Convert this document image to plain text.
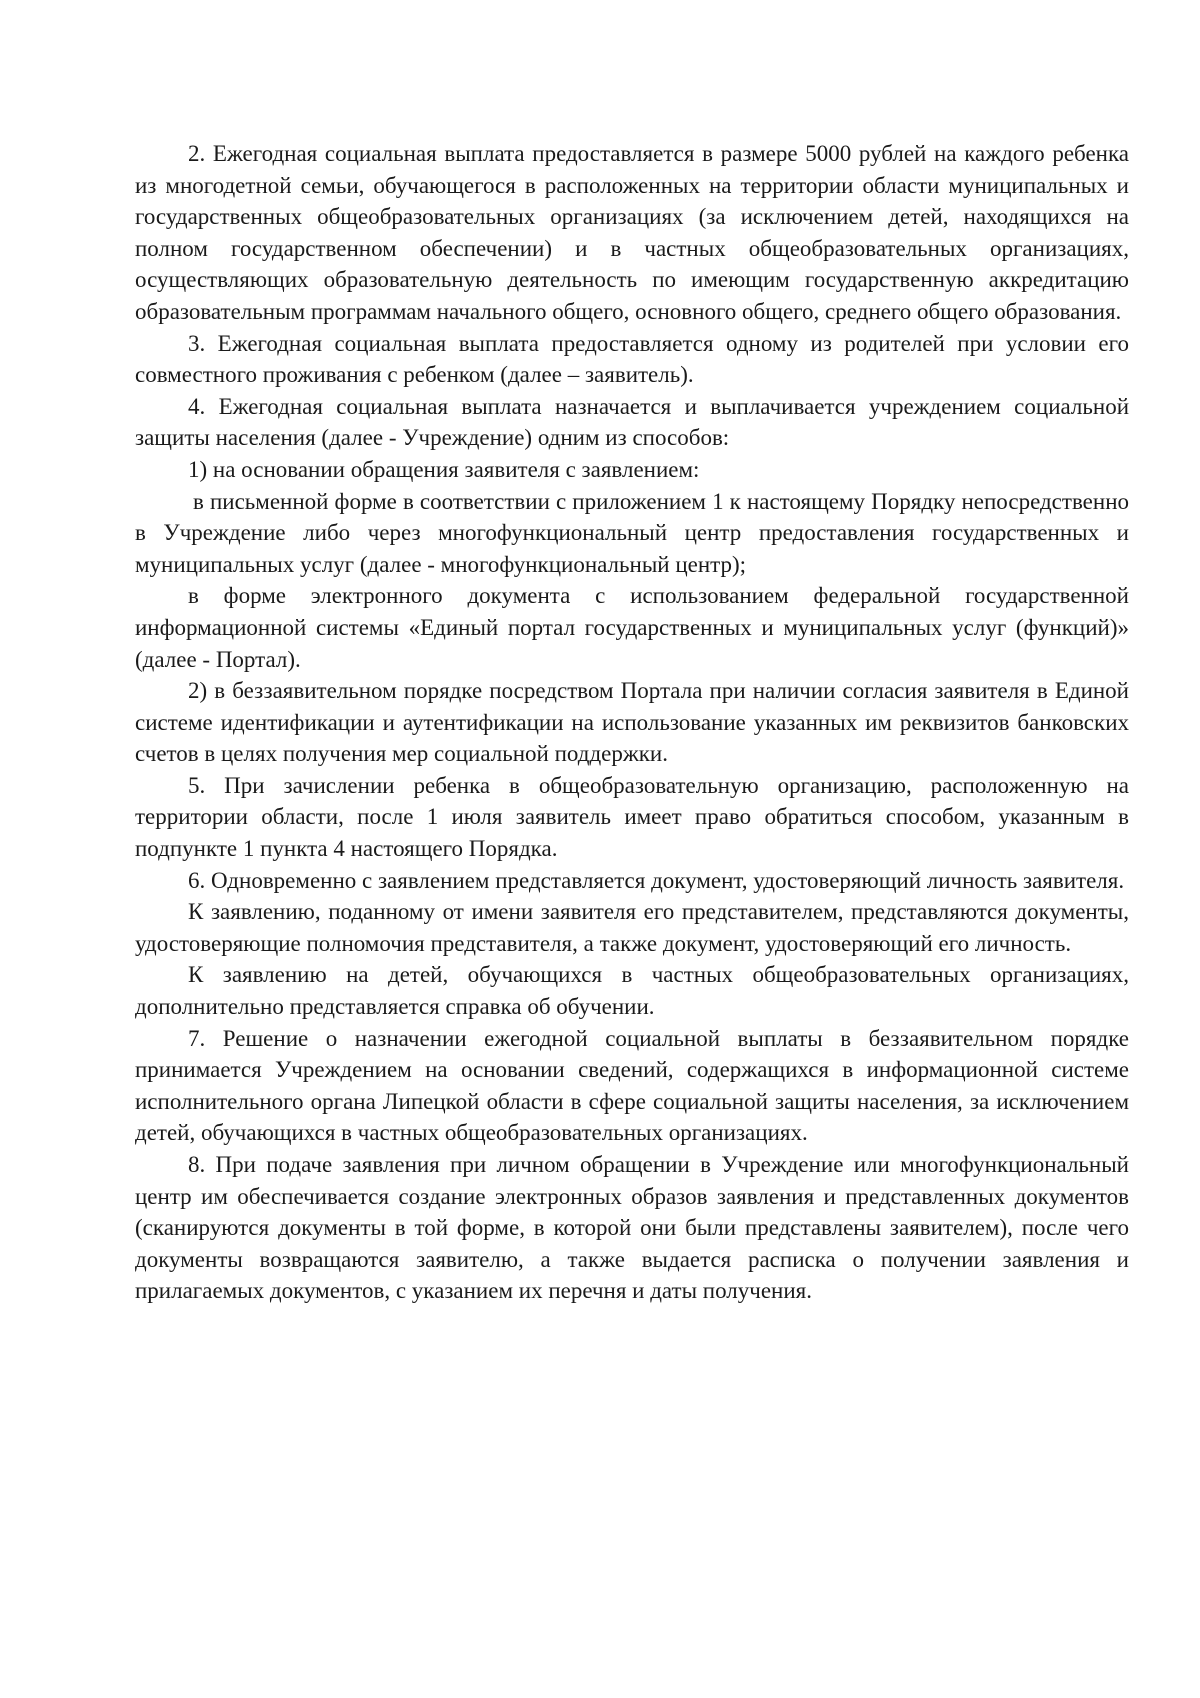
2. Ежегодная социальная выплата предоставляется в размере 5000 рублей на каждого ребенка из многодетной семьи, обучающегося в расположенных на территории области муниципальных и государственных общеобразовательных организациях (за исключением детей, находящихся на полном государственном обеспечении) и в частных общеобразовательных организациях, осуществляющих образовательную деятельность по имеющим государственную аккредитацию образовательным программам начального общего, основного общего, среднего общего образования.

3. Ежегодная социальная выплата предоставляется одному из родителей при условии его совместного проживания с ребенком (далее – заявитель).

4. Ежегодная социальная выплата назначается и выплачивается учреждением социальной защиты населения (далее - Учреждение) одним из способов:

1) на основании обращения заявителя с заявлением:

в письменной форме в соответствии с приложением 1 к настоящему Порядку непосредственно в Учреждение либо через многофункциональный центр предоставления государственных и муниципальных услуг (далее - многофункциональный центр);

в форме электронного документа с использованием федеральной государственной информационной системы «Единый портал государственных и муниципальных услуг (функций)» (далее - Портал).

2) в беззаявительном порядке посредством Портала при наличии согласия заявителя в Единой системе идентификации и аутентификации на использование указанных им реквизитов банковских счетов в целях получения мер социальной поддержки.

5. При зачислении ребенка в общеобразовательную организацию, расположенную на территории области, после 1 июля заявитель имеет право обратиться способом, указанным в подпункте 1 пункта 4 настоящего Порядка.

6. Одновременно с заявлением представляется документ, удостоверяющий личность заявителя.

К заявлению, поданному от имени заявителя его представителем, представляются документы, удостоверяющие полномочия представителя, а также документ, удостоверяющий его личность.

К заявлению на детей, обучающихся в частных общеобразовательных организациях, дополнительно представляется справка об обучении.

7. Решение о назначении ежегодной социальной выплаты в беззаявительном порядке принимается Учреждением на основании сведений, содержащихся в информационной системе исполнительного органа Липецкой области в сфере социальной защиты населения, за исключением детей, обучающихся в частных общеобразовательных организациях.

8. При подаче заявления при личном обращении в Учреждение или многофункциональный центр им обеспечивается создание электронных образов заявления и представленных документов (сканируются документы в той форме, в которой они были представлены заявителем), после чего документы возвращаются заявителю, а также выдается расписка о получении заявления и прилагаемых документов, с указанием их перечня и даты получения.
